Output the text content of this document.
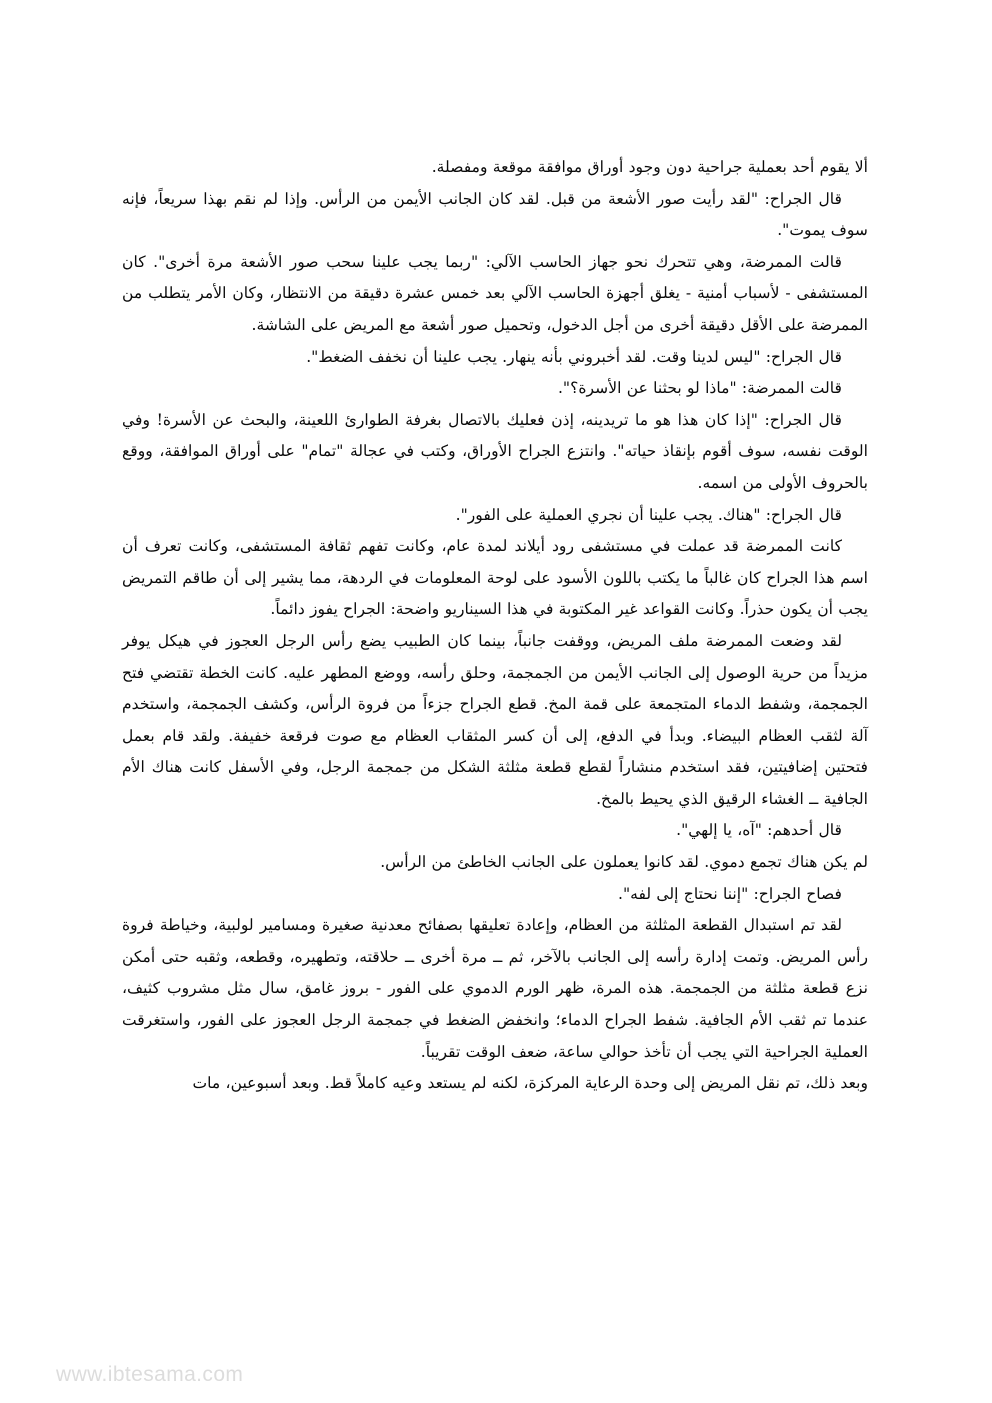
ألا يقوم أحد بعملية جراحية دون وجود أوراق موافقة موقعة ومفصلة.

قال الجراح: "لقد رأيت صور الأشعة من قبل. لقد كان الجانب الأيمن من الرأس. وإذا لم نقم بهذا سريعاً، فإنه سوف يموت".

قالت الممرضة، وهي تتحرك نحو جهاز الحاسب الآلي: "ربما يجب علينا سحب صور الأشعة مرة أخرى". كان المستشفى - لأسباب أمنية - يغلق أجهزة الحاسب الآلي بعد خمس عشرة دقيقة من الانتظار، وكان الأمر يتطلب من الممرضة على الأقل دقيقة أخرى من أجل الدخول، وتحميل صور أشعة مع المريض على الشاشة.

قال الجراح: "ليس لدينا وقت. لقد أخبروني بأنه ينهار. يجب علينا أن نخفف الضغط".

قالت الممرضة: "ماذا لو بحثنا عن الأسرة؟".

قال الجراح: "إذا كان هذا هو ما تريدينه، إذن فعليك بالاتصال بغرفة الطوارئ اللعينة، والبحث عن الأسرة! وفي الوقت نفسه، سوف أقوم بإنقاذ حياته". وانتزع الجراح الأوراق، وكتب في عجالة "تمام" على أوراق الموافقة، ووقع بالحروف الأولى من اسمه.

قال الجراح: "هناك. يجب علينا أن نجري العملية على الفور".

كانت الممرضة قد عملت في مستشفى رود أيلاند لمدة عام، وكانت تفهم ثقافة المستشفى، وكانت تعرف أن اسم هذا الجراح كان غالباً ما يكتب باللون الأسود على لوحة المعلومات في الردهة، مما يشير إلى أن طاقم التمريض يجب أن يكون حذراً. وكانت القواعد غير المكتوبة في هذا السيناريو واضحة: الجراح يفوز دائماً.

لقد وضعت الممرضة ملف المريض، ووقفت جانباً، بينما كان الطبيب يضع رأس الرجل العجوز في هيكل يوفر مزيداً من حرية الوصول إلى الجانب الأيمن من الجمجمة، وحلق رأسه، ووضع المطهر عليه. كانت الخطة تقتضي فتح الجمجمة، وشفط الدماء المتجمعة على قمة المخ. قطع الجراح جزءاً من فروة الرأس، وكشف الجمجمة، واستخدم آلة لثقب العظام البيضاء. وبدأ في الدفع، إلى أن كسر المثقاب العظام مع صوت فرقعة خفيفة. ولقد قام بعمل فتحتين إضافيتين، فقد استخدم منشاراً لقطع قطعة مثلثة الشكل من جمجمة الرجل، وفي الأسفل كانت هناك الأم الجافية ــ الغشاء الرقيق الذي يحيط بالمخ.

قال أحدهم: "آه، يا إلهي".

لم يكن هناك تجمع دموي. لقد كانوا يعملون على الجانب الخاطئ من الرأس.

فصاح الجراح: "إننا نحتاج إلى لفه".

لقد تم استبدال القطعة المثلثة من العظام، وإعادة تعليقها بصفائح معدنية صغيرة ومسامير لولبية، وخياطة فروة رأس المريض. وتمت إدارة رأسه إلى الجانب بالآخر، ثم ــ مرة أخرى ــ حلاقته، وتطهيره، وقطعه، وثقبه حتى أمكن نزع قطعة مثلثة من الجمجمة. هذه المرة، ظهر الورم الدموي على الفور - بروز غامق، سال مثل مشروب كثيف، عندما تم ثقب الأم الجافية. شفط الجراح الدماء؛ وانخفض الضغط في جمجمة الرجل العجوز على الفور، واستغرقت العملية الجراحية التي يجب أن تأخذ حوالي ساعة، ضعف الوقت تقريباً.

وبعد ذلك، تم نقل المريض إلى وحدة الرعاية المركزة، لكنه لم يستعد وعيه كاملاً قط. وبعد أسبوعين، مات

www.ibtesama.com
